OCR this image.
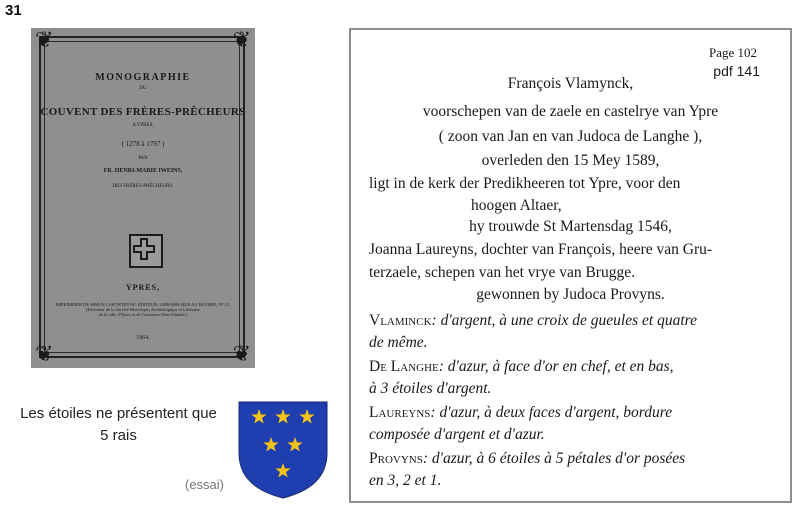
31
❦	❦
❦	❦
MONOGRAPHIE
DU
COUVENT DES FRÈRES-PRÊCHEURS
A YPRES,
( 1278 à 1797 )
PAR
FR. HENRI-MARIE IWEINS,
DES FRÈRES-PRÊCHEURS.
YPRES,
IMPRIMERIE DE SIMON LAFONTEYNE, ÉDITEUR, LIBRAIRE RUE AU BEURRE, N° 21.
(Directeur de la Société Historique, Archéologique et Littéraire
de la ville d'Ypres et de l'ancienne West-Flandre.)
1864.
Les étoiles ne présentent que
5 rais
(essai)
Page 102
pdf 141
François Vlamynck,
voorschepen van de zaele en castelrye van Ypre
( zoon van Jan en van Judoca de Langhe ),
overleden den 15 Mey 1589,
ligt in de kerk der Predikheeren tot Ypre, voor den
hoogen Altaer,
hy trouwde St Martensdag 1546,
Joanna Laureyns, dochter van François, heere van Gru-
terzaele, schepen van het vrye van Brugge.
gewonnen by Judoca Provyns.
Vlaminck: d'argent, à une croix de gueules et quatre
de même.
De Langhe: d'azur, à face d'or en chef, et en bas,
à 3 étoiles d'argent.
Laureyns: d'azur, à deux faces d'argent, bordure
composée d'argent et d'azur.
Provyns: d'azur, à 6 étoiles à 5 pétales d'or posées
en 3, 2 et 1.
